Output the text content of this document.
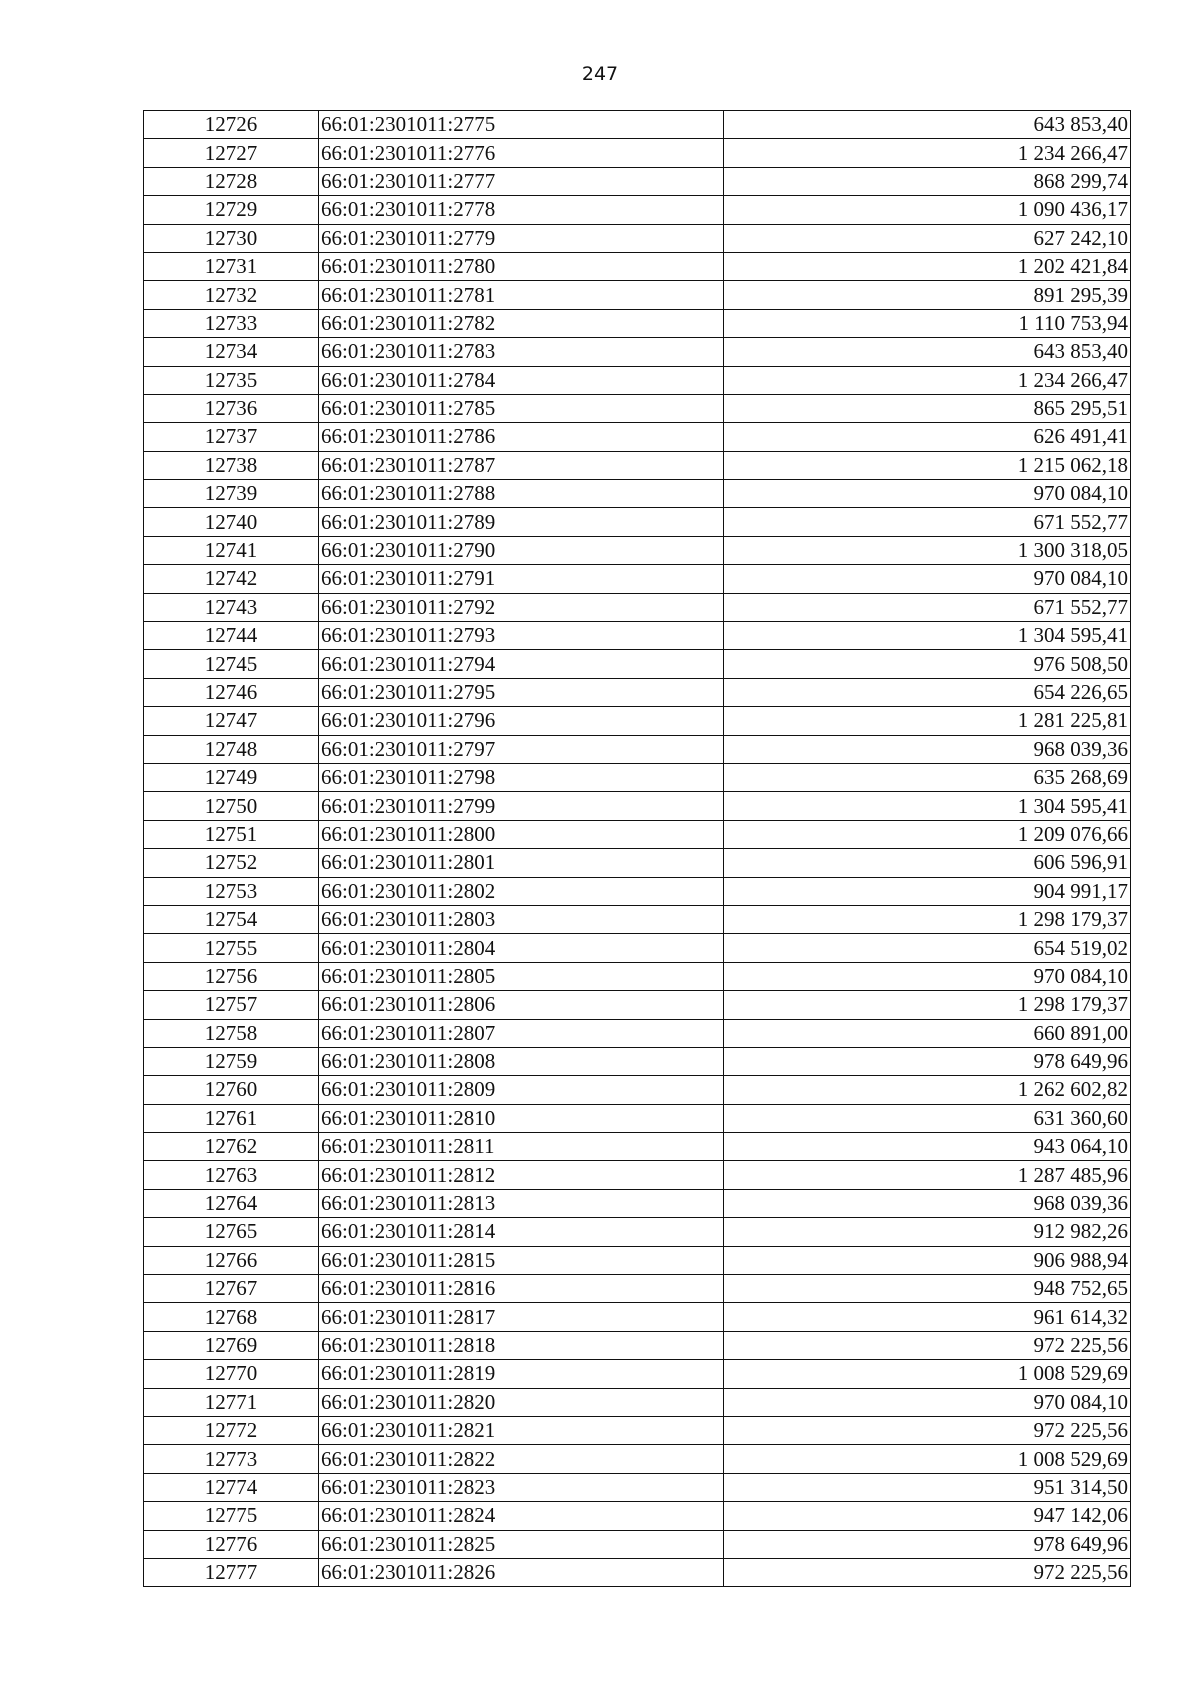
247
12726	66:01:2301011:2775	643 853,40
12727	66:01:2301011:2776	1 234 266,47
12728	66:01:2301011:2777	868 299,74
12729	66:01:2301011:2778	1 090 436,17
12730	66:01:2301011:2779	627 242,10
12731	66:01:2301011:2780	1 202 421,84
12732	66:01:2301011:2781	891 295,39
12733	66:01:2301011:2782	1 110 753,94
12734	66:01:2301011:2783	643 853,40
12735	66:01:2301011:2784	1 234 266,47
12736	66:01:2301011:2785	865 295,51
12737	66:01:2301011:2786	626 491,41
12738	66:01:2301011:2787	1 215 062,18
12739	66:01:2301011:2788	970 084,10
12740	66:01:2301011:2789	671 552,77
12741	66:01:2301011:2790	1 300 318,05
12742	66:01:2301011:2791	970 084,10
12743	66:01:2301011:2792	671 552,77
12744	66:01:2301011:2793	1 304 595,41
12745	66:01:2301011:2794	976 508,50
12746	66:01:2301011:2795	654 226,65
12747	66:01:2301011:2796	1 281 225,81
12748	66:01:2301011:2797	968 039,36
12749	66:01:2301011:2798	635 268,69
12750	66:01:2301011:2799	1 304 595,41
12751	66:01:2301011:2800	1 209 076,66
12752	66:01:2301011:2801	606 596,91
12753	66:01:2301011:2802	904 991,17
12754	66:01:2301011:2803	1 298 179,37
12755	66:01:2301011:2804	654 519,02
12756	66:01:2301011:2805	970 084,10
12757	66:01:2301011:2806	1 298 179,37
12758	66:01:2301011:2807	660 891,00
12759	66:01:2301011:2808	978 649,96
12760	66:01:2301011:2809	1 262 602,82
12761	66:01:2301011:2810	631 360,60
12762	66:01:2301011:2811	943 064,10
12763	66:01:2301011:2812	1 287 485,96
12764	66:01:2301011:2813	968 039,36
12765	66:01:2301011:2814	912 982,26
12766	66:01:2301011:2815	906 988,94
12767	66:01:2301011:2816	948 752,65
12768	66:01:2301011:2817	961 614,32
12769	66:01:2301011:2818	972 225,56
12770	66:01:2301011:2819	1 008 529,69
12771	66:01:2301011:2820	970 084,10
12772	66:01:2301011:2821	972 225,56
12773	66:01:2301011:2822	1 008 529,69
12774	66:01:2301011:2823	951 314,50
12775	66:01:2301011:2824	947 142,06
12776	66:01:2301011:2825	978 649,96
12777	66:01:2301011:2826	972 225,56
